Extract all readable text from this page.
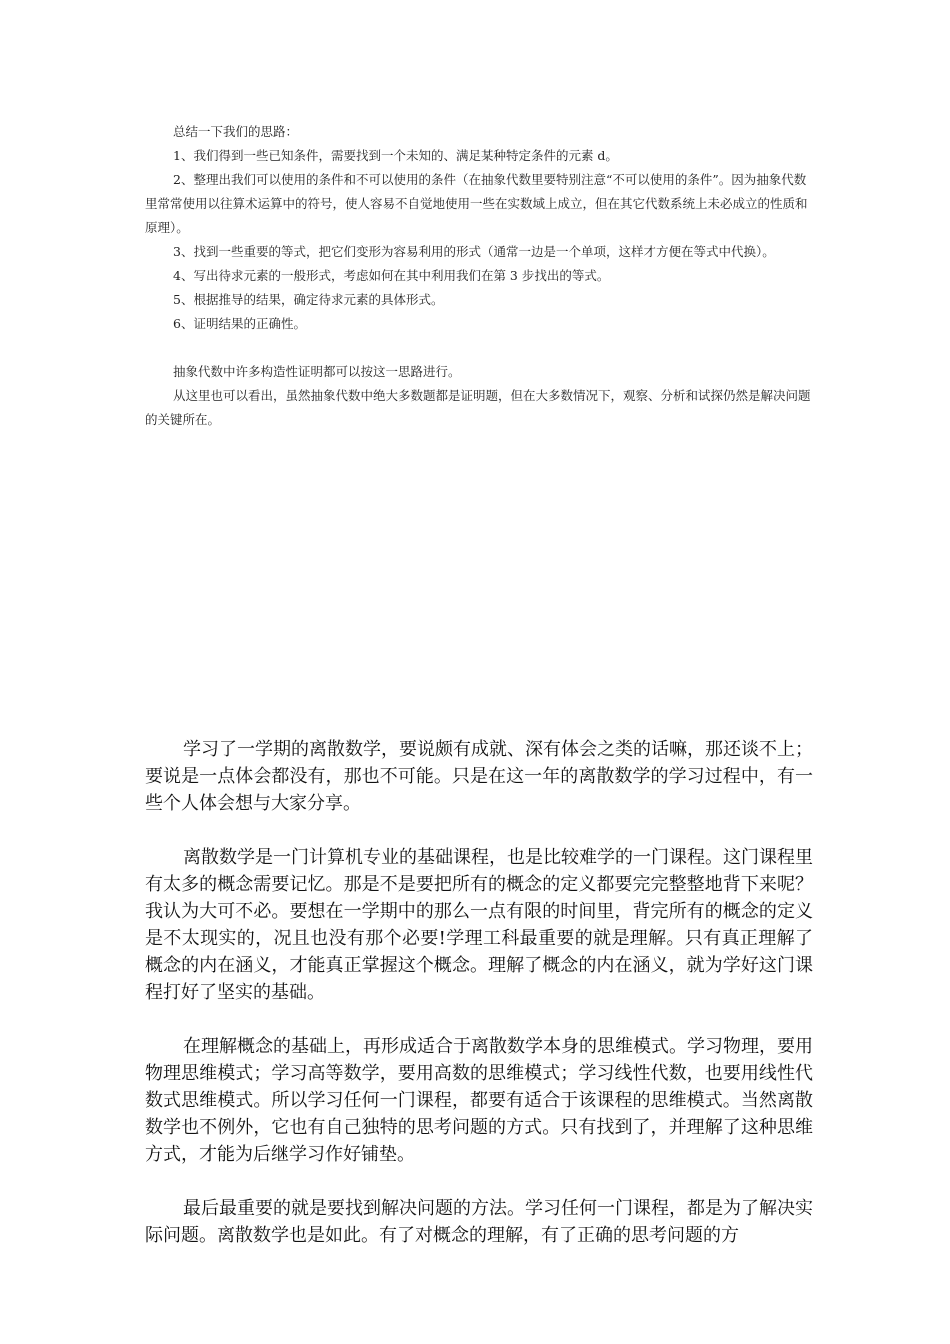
总结一下我们的思路：

1、我们得到一些已知条件，需要找到一个未知的、满足某种特定条件的元素 d。

2、整理出我们可以使用的条件和不可以使用的条件（在抽象代数里要特别注意“不可以使用的条件”。因为抽象代数里常常使用以往算术运算中的符号，使人容易不自觉地使用一些在实数域上成立，但在其它代数系统上未必成立的性质和原理）。

3、找到一些重要的等式，把它们变形为容易利用的形式（通常一边是一个单项，这样才方便在等式中代换）。

4、写出待求元素的一般形式，考虑如何在其中利用我们在第 3 步找出的等式。

5、根据推导的结果，确定待求元素的具体形式。

6、证明结果的正确性。

抽象代数中许多构造性证明都可以按这一思路进行。

从这里也可以看出，虽然抽象代数中绝大多数题都是证明题，但在大多数情况下，观察、分析和试探仍然是解决问题的关键所在。

学习了一学期的离散数学，要说颇有成就、深有体会之类的话嘛，那还谈不上；要说是一点体会都没有，那也不可能。只是在这一年的离散数学的学习过程中，有一些个人体会想与大家分享。

离散数学是一门计算机专业的基础课程，也是比较难学的一门课程。这门课程里有太多的概念需要记忆。那是不是要把所有的概念的定义都要完完整整地背下来呢？我认为大可不必。要想在一学期中的那么一点有限的时间里，背完所有的概念的定义是不太现实的，况且也没有那个必要!学理工科最重要的就是理解。只有真正理解了概念的内在涵义，才能真正掌握这个概念。理解了概念的内在涵义，就为学好这门课程打好了坚实的基础。

在理解概念的基础上，再形成适合于离散数学本身的思维模式。学习物理，要用物理思维模式；学习高等数学，要用高数的思维模式；学习线性代数，也要用线性代数式思维模式。所以学习任何一门课程，都要有适合于该课程的思维模式。当然离散数学也不例外，它也有自己独特的思考问题的方式。只有找到了，并理解了这种思维方式，才能为后继学习作好铺垫。

最后最重要的就是要找到解决问题的方法。学习任何一门课程，都是为了解决实际问题。离散数学也是如此。有了对概念的理解，有了正确的思考问题的方
